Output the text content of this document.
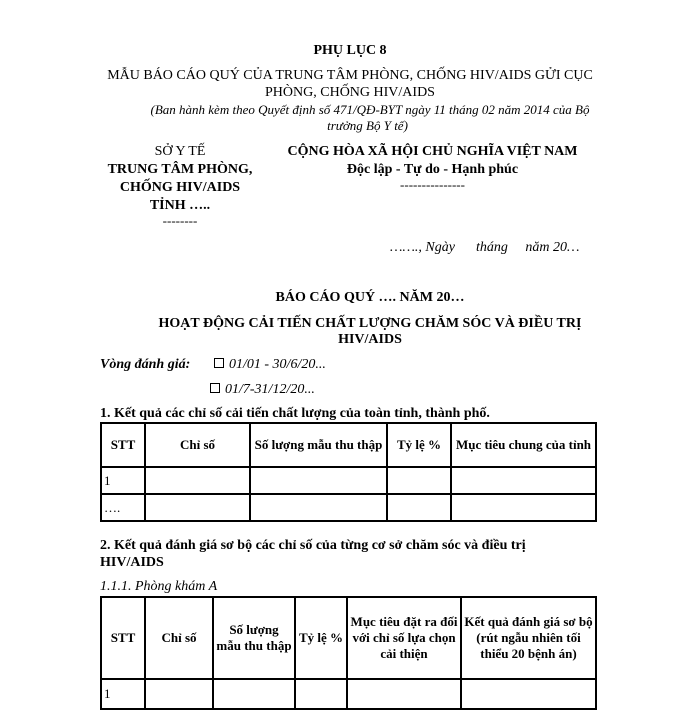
PHỤ LỤC 8
MẪU BÁO CÁO QUÝ CỦA TRUNG TÂM PHÒNG, CHỐNG HIV/AIDS GỬI CỤC
PHÒNG, CHỐNG HIV/AIDS
(Ban hành kèm theo Quyết định số 471/QĐ-BYT ngày 11 tháng 02 năm 2014 của Bộ
trưởng Bộ Y tế)
SỞ Y TẾ
TRUNG TÂM PHÒNG,
CHỐNG HIV/AIDS
TỈNH …..
--------
CỘNG HÒA XÃ HỘI CHỦ NGHĨA VIỆT NAM
Độc lập - Tự do - Hạnh phúc
---------------
……., Ngày      tháng     năm 20…
BÁO CÁO QUÝ …. NĂM 20…
HOẠT ĐỘNG CẢI TIẾN CHẤT LƯỢNG CHĂM SÓC VÀ ĐIỀU TRỊ
HIV/AIDS
Vòng đánh giá:	01/01 - 30/6/20...
01/7-31/12/20...
1. Kết quả các chỉ số cải tiến chất lượng của toàn tỉnh, thành phố.
STT	Chỉ số	Số lượng mẫu thu thập	Tỷ lệ %	Mục tiêu chung của tỉnh
1				
….				
2. Kết quả đánh giá sơ bộ các chỉ số của từng cơ sở chăm sóc và điều trị
HIV/AIDS
1.1.1. Phòng khám A
STT	Chỉ số	Số lượng mẫu thu thập	Tỷ lệ %	Mục tiêu đặt ra đối với chỉ số lựa chọn cải thiện	Kết quả đánh giá sơ bộ (rút ngẫu nhiên tối thiểu 20 bệnh án)
1					
